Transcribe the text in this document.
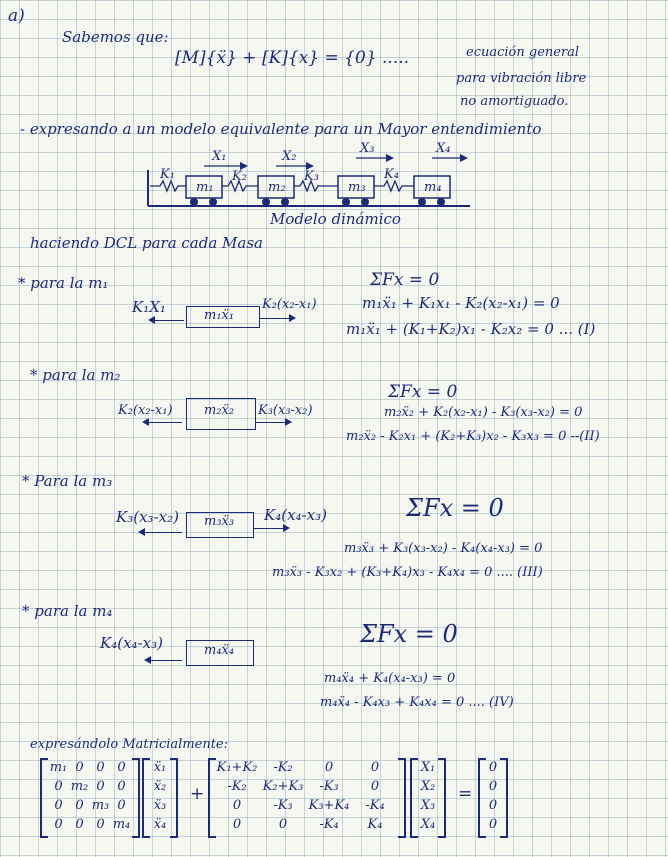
a)
Sabemos que:
[M]{ẍ} + [K]{x} = {0} .....	ecuación general
para vibración libre
no amortiguado.
- expresando a un modelo equivalente para un Mayor entendimiento
K₁	K₂	K₃	K₄
m₁	m₂	m₃	m₄
X₁	X₂
X₃	X₄
Modelo dinámico
haciendo DCL para cada Masa
* para la m₁
K₁X₁	m₁ẍ₁
K₂(x₂-x₁)
ΣFx = 0
m₁ẍ₁ + K₁x₁ - K₂(x₂-x₁) = 0
m₁ẍ₁ + (K₁+K₂)x₁ - K₂x₂ = 0 ... (I)
* para la m₂
K₂(x₂-x₁) m₂ẍ₂ K₃(x₃-x₂)
ΣFx = 0
m₂ẍ₂ + K₂(x₂-x₁) - K₃(x₃-x₂) = 0
m₂ẍ₂ - K₂x₁ + (K₂+K₃)x₂ - K₃x₃ = 0 --(II)
* Para la m₃
K₃(x₃-x₂) m₃ẍ₃ K₄(x₄-x₃)	ΣFx = 0
m₃ẍ₃ + K₃(x₃-x₂) - K₄(x₄-x₃) = 0
m₃ẍ₃ - K₃x₂ + (K₃+K₄)x₃ - K₄x₄ = 0 .... (III)
* para la m₄
K₄(x₄-x₃)	m₄ẍ₄
ΣFx = 0
m₄ẍ₄ + K₄(x₄-x₃) = 0
m₄ẍ₄ - K₄x₃ + K₄x₄ = 0 .... (IV)
expresándolo Matricialmente:
m₁ 0 0 0
0 m₂ 0 0
0 0 m₃ 0
0 0 0 m₄
ẍ₁
ẍ₂
ẍ₃
ẍ₄
+
K₁+K₂	-K₂	0	0
-K₂	K₂+K₃	-K₃	0
0	-K₃	K₃+K₄	-K₄
0	0	-K₄	K₄
X₁
X₂
X₃
X₄
=
0
0
0
0
